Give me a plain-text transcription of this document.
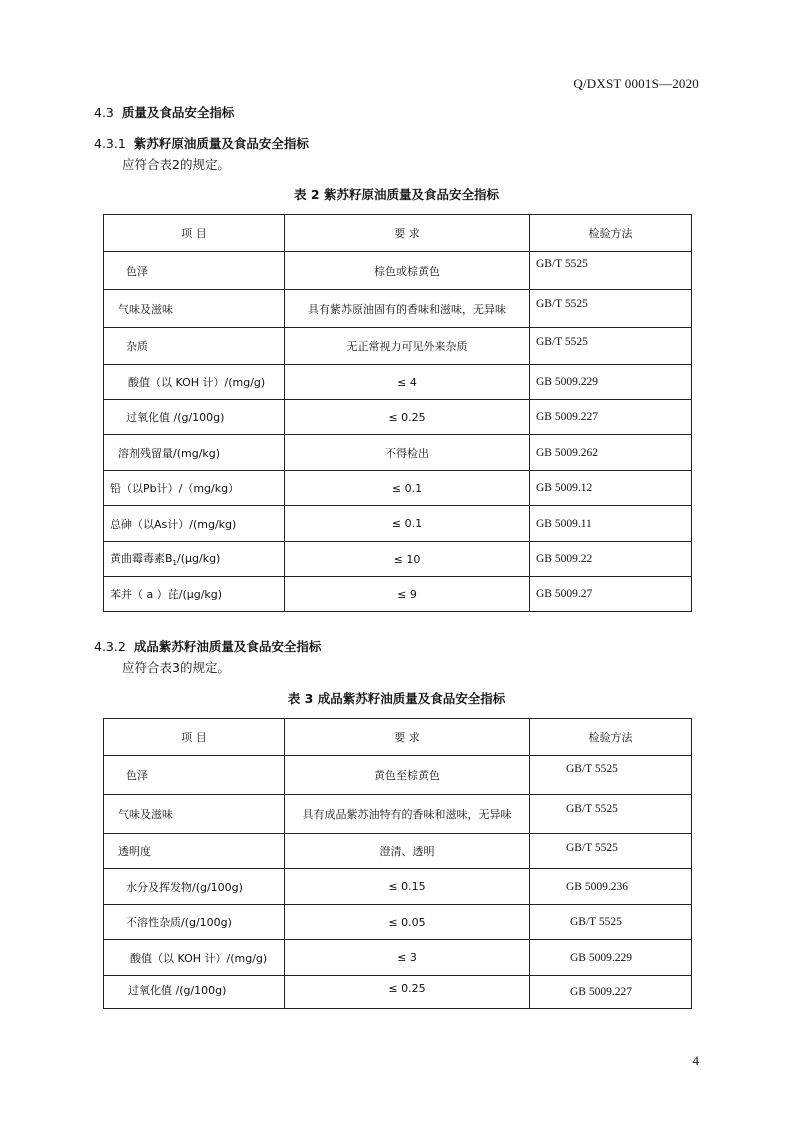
Q/DXST 0001S—2020
4.3 质量及食品安全指标
4.3.1 紫苏籽原油质量及食品安全指标
应符合表2的规定。
表 2 紫苏籽原油质量及食品安全指标
项 目	要 求	检验方法
色泽	棕色或棕黄色	GB/T 5525
气味及滋味	具有紫苏原油固有的香味和滋味，无异味	GB/T 5525
杂质	无正常视力可见外来杂质	GB/T 5525
酸值（以 KOH 计）/(mg/g)	≤ 4	GB 5009.229
过氧化值 /(g/100g)	≤ 0.25	GB 5009.227
溶剂残留量/(mg/kg)	不得检出	GB 5009.262
铅（以Pb计）/（mg/kg）	≤ 0.1	GB 5009.12
总砷（以As计）/(mg/kg)	≤ 0.1	GB 5009.11
黄曲霉毒素$B_1/(\mu g/kg)$	≤ 10	GB 5009.22
苯并（ a ）芘/(μg/kg)	≤ 9	GB 5009.27
4.3.2 成品紫苏籽油质量及食品安全指标
应符合表3的规定。
表 3 成品紫苏籽油质量及食品安全指标
项 目	要 求	检验方法
色泽	黄色至棕黄色	GB/T 5525
气味及滋味	具有成品紫苏油特有的香味和滋味，无异味	GB/T 5525
透明度	澄清、透明	GB/T 5525
水分及挥发物/(g/100g)	≤ 0.15	GB 5009.236
不溶性杂质/(g/100g)	≤ 0.05	GB/T 5525
酸值（以 KOH 计）/(mg/g)	≤ 3	GB 5009.229
过氧化值 /(g/100g)	≤ 0.25	GB 5009.227
4
